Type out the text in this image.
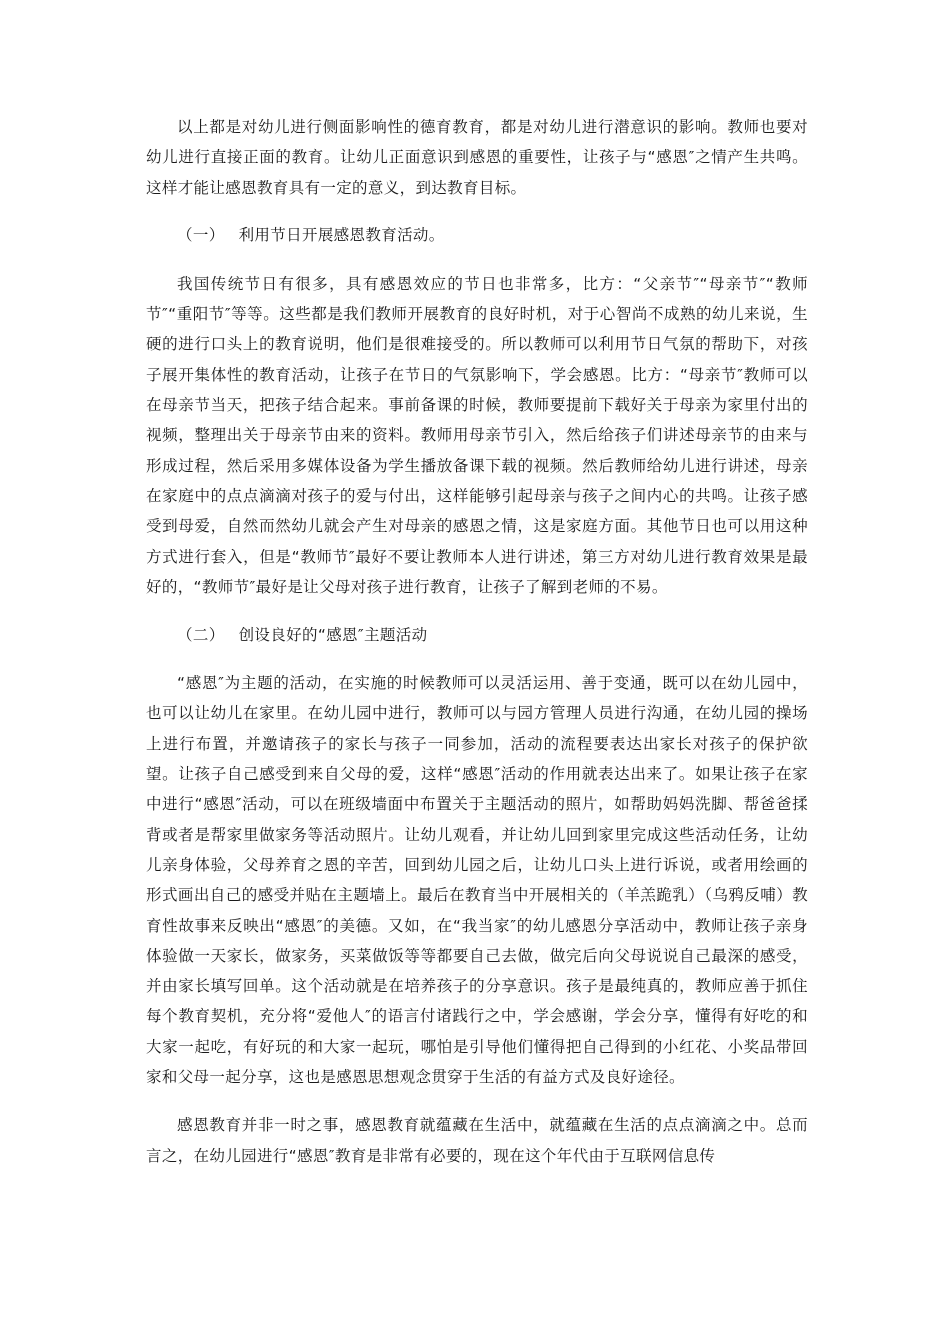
以上都是对幼儿进行侧面影响性的德育教育，都是对幼儿进行潜意识的影响。教师也要对幼儿进行直接正面的教育。让幼儿正面意识到感恩的重要性，让孩子与“感恩″之情产生共鸣。这样才能让感恩教育具有一定的意义，到达教育目标。

（一） 利用节日开展感恩教育活动。

我国传统节日有很多，具有感恩效应的节日也非常多，比方：“父亲节″“母亲节″“教师节″“重阳节″等等。这些都是我们教师开展教育的良好时机，对于心智尚不成熟的幼儿来说，生硬的进行口头上的教育说明，他们是很难接受的。所以教师可以利用节日气氛的帮助下，对孩子展开集体性的教育活动，让孩子在节日的气氛影响下，学会感恩。比方：“母亲节″教师可以在母亲节当天，把孩子结合起来。事前备课的时候，教师要提前下载好关于母亲为家里付出的视频，整理出关于母亲节由来的资料。教师用母亲节引入，然后给孩子们讲述母亲节的由来与形成过程，然后采用多媒体设备为学生播放备课下载的视频。然后教师给幼儿进行讲述，母亲在家庭中的点点滴滴对孩子的爱与付出，这样能够引起母亲与孩子之间内心的共鸣。让孩子感受到母爱，自然而然幼儿就会产生对母亲的感恩之情，这是家庭方面。其他节日也可以用这种方式进行套入，但是“教师节″最好不要让教师本人进行讲述，第三方对幼儿进行教育效果是最好的，“教师节″最好是让父母对孩子进行教育，让孩子了解到老师的不易。

（二） 创设良好的“感恩″主题活动

“感恩″为主题的活动，在实施的时候教师可以灵活运用、善于变通，既可以在幼儿园中，也可以让幼儿在家里。在幼儿园中进行，教师可以与园方管理人员进行沟通，在幼儿园的操场上进行布置，并邀请孩子的家长与孩子一同参加，活动的流程要表达出家长对孩子的保护欲望。让孩子自己感受到来自父母的爱，这样“感恩″活动的作用就表达出来了。如果让孩子在家中进行“感恩″活动，可以在班级墙面中布置关于主题活动的照片，如帮助妈妈洗脚、帮爸爸揉背或者是帮家里做家务等活动照片。让幼儿观看，并让幼儿回到家里完成这些活动任务，让幼儿亲身体验，父母养育之恩的辛苦，回到幼儿园之后，让幼儿口头上进行诉说，或者用绘画的形式画出自己的感受并贴在主题墙上。最后在教育当中开展相关的（羊羔跪乳）（乌鸦反哺）教育性故事来反映出“感恩″的美德。又如，在“我当家″的幼儿感恩分享活动中，教师让孩子亲身体验做一天家长，做家务，买菜做饭等等都要自己去做，做完后向父母说说自己最深的感受，并由家长填写回单。这个活动就是在培养孩子的分享意识。孩子是最纯真的，教师应善于抓住每个教育契机，充分将“爱他人″的语言付诸践行之中，学会感谢，学会分享，懂得有好吃的和大家一起吃，有好玩的和大家一起玩，哪怕是引导他们懂得把自己得到的小红花、小奖品带回家和父母一起分享，这也是感恩思想观念贯穿于生活的有益方式及良好途径。

感恩教育并非一时之事，感恩教育就蕴藏在生活中，就蕴藏在生活的点点滴滴之中。总而言之，在幼儿园进行“感恩″教育是非常有必要的，现在这个年代由于互联网信息传
